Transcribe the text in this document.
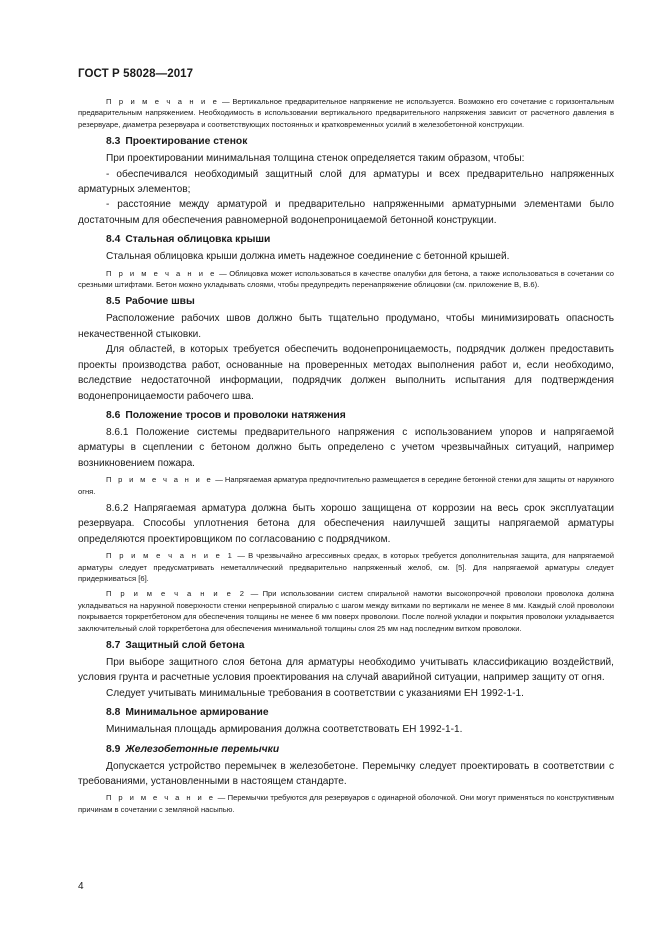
ГОСТ Р 58028—2017

П р и м е ч а н и е — Вертикальное предварительное напряжение не используется. Возможно его сочетание с горизонтальным предварительным напряжением. Необходимость в использовании вертикального предварительного напряжения зависит от расчетного давления в резервуаре, диаметра резервуара и соответствующих постоянных и кратковременных усилий в железобетонной конструкции.

8.3 Проектирование стенок

При проектировании минимальная толщина стенок определяется таким образом, чтобы:

- обеспечивался необходимый защитный слой для арматуры и всех предварительно напряженных арматурных элементов;

- расстояние между арматурой и предварительно напряженными арматурными элементами было достаточным для обеспечения равномерной водонепроницаемой бетонной конструкции.

8.4 Стальная облицовка крыши

Стальная облицовка крыши должна иметь надежное соединение с бетонной крышей.

П р и м е ч а н и е — Облицовка может использоваться в качестве опалубки для бетона, а также использоваться в сочетании со срезными штифтами. Бетон можно укладывать слоями, чтобы предупредить перенапряжение облицовки (см. приложение В, В.6).

8.5 Рабочие швы

Расположение рабочих швов должно быть тщательно продумано, чтобы минимизировать опасность некачественной стыковки.

Для областей, в которых требуется обеспечить водонепроницаемость, подрядчик должен предоставить проекты производства работ, основанные на проверенных методах выполнения работ и, если необходимо, вследствие недостаточной информации, подрядчик должен выполнить испытания для подтверждения водонепроницаемости рабочего шва.

8.6 Положение тросов и проволоки натяжения

8.6.1 Положение системы предварительного напряжения с использованием упоров и напрягаемой арматуры в сцеплении с бетоном должно быть определено с учетом чрезвычайных ситуаций, например возникновением пожара.

П р и м е ч а н и е — Напрягаемая арматура предпочтительно размещается в середине бетонной стенки для защиты от наружного огня.

8.6.2 Напрягаемая арматура должна быть хорошо защищена от коррозии на весь срок эксплуатации резервуара. Способы уплотнения бетона для обеспечения наилучшей защиты напрягаемой арматуры определяются проектировщиком по согласованию с подрядчиком.

П р и м е ч а н и е 1 — В чрезвычайно агрессивных средах, в которых требуется дополнительная защита, для напрягаемой арматуры следует предусматривать неметаллический предварительно напряженный желоб, см. [5]. Для напрягаемой арматуры следует придерживаться [6].

П р и м е ч а н и е 2 — При использовании систем спиральной намотки высокопрочной проволоки проволока должна укладываться на наружной поверхности стенки непрерывной спиралью с шагом между витками по вертикали не менее 8 мм. Каждый слой проволоки покрывается торкретбетоном для обеспечения толщины не менее 6 мм поверх проволоки. После полной укладки и покрытия проволоки укладывается заключительный слой торкретбетона для обеспечения минимальной толщины слоя 25 мм над последним витком проволоки.

8.7 Защитный слой бетона

При выборе защитного слоя бетона для арматуры необходимо учитывать классификацию воздействий, условия грунта и расчетные условия проектирования на случай аварийной ситуации, например защиту от огня.

Следует учитывать минимальные требования в соответствии с указаниями ЕН 1992-1-1.

8.8 Минимальное армирование

Минимальная площадь армирования должна соответствовать ЕН 1992-1-1.

8.9 Железобетонные перемычки

Допускается устройство перемычек в железобетоне. Перемычку следует проектировать в соответствии с требованиями, установленными в настоящем стандарте.

П р и м е ч а н и е — Перемычки требуются для резервуаров с одинарной оболочкой. Они могут применяться по конструктивным причинам в сочетании с земляной насыпью.

4
